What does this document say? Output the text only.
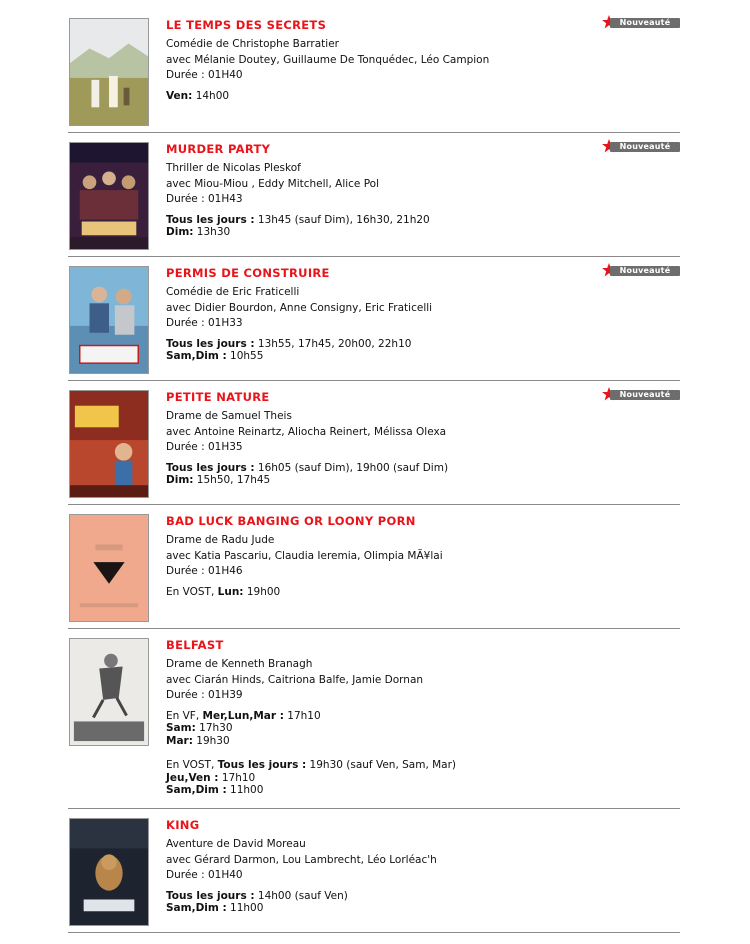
LE TEMPS DES SECRETS
Comédie de Christophe Barratier
avec Mélanie Doutey, Guillaume De Tonquédec, Léo Campion
Durée : 01H40
Ven: 14h00
Nouveauté
MURDER PARTY
Thriller de Nicolas Pleskof
avec Miou-Miou , Eddy Mitchell, Alice Pol
Durée : 01H43
Tous les jours : 13h45 (sauf Dim), 16h30, 21h20
Dim: 13h30
Nouveauté
PERMIS DE CONSTRUIRE
Comédie de Eric Fraticelli
avec Didier Bourdon, Anne Consigny, Eric Fraticelli
Durée : 01H33
Tous les jours : 13h55, 17h45, 20h00, 22h10
Sam,Dim : 10h55
Nouveauté
PETITE NATURE
Drame de Samuel Theis
avec Antoine Reinartz, Aliocha Reinert, Mélissa Olexa
Durée : 01H35
Tous les jours : 16h05 (sauf Dim), 19h00 (sauf Dim)
Dim: 15h50, 17h45
Nouveauté
BAD LUCK BANGING OR LOONY PORN
Drame de Radu Jude
avec Katia Pascariu, Claudia Ieremia, Olimpia MÃ¥lai
Durée : 01H46
En VOST, Lun: 19h00
BELFAST
Drame de Kenneth Branagh
avec Ciarán Hinds, Caitriona Balfe, Jamie Dornan
Durée : 01H39
En VF, Mer,Lun,Mar : 17h10
Sam: 17h30
Mar: 19h30
En VOST, Tous les jours : 19h30 (sauf Ven, Sam, Mar)
Jeu,Ven : 17h10
Sam,Dim : 11h00
KING
Aventure de David Moreau
avec Gérard Darmon, Lou Lambrecht, Léo Lorléac'h
Durée : 01H40
Tous les jours : 14h00 (sauf Ven)
Sam,Dim : 11h00
